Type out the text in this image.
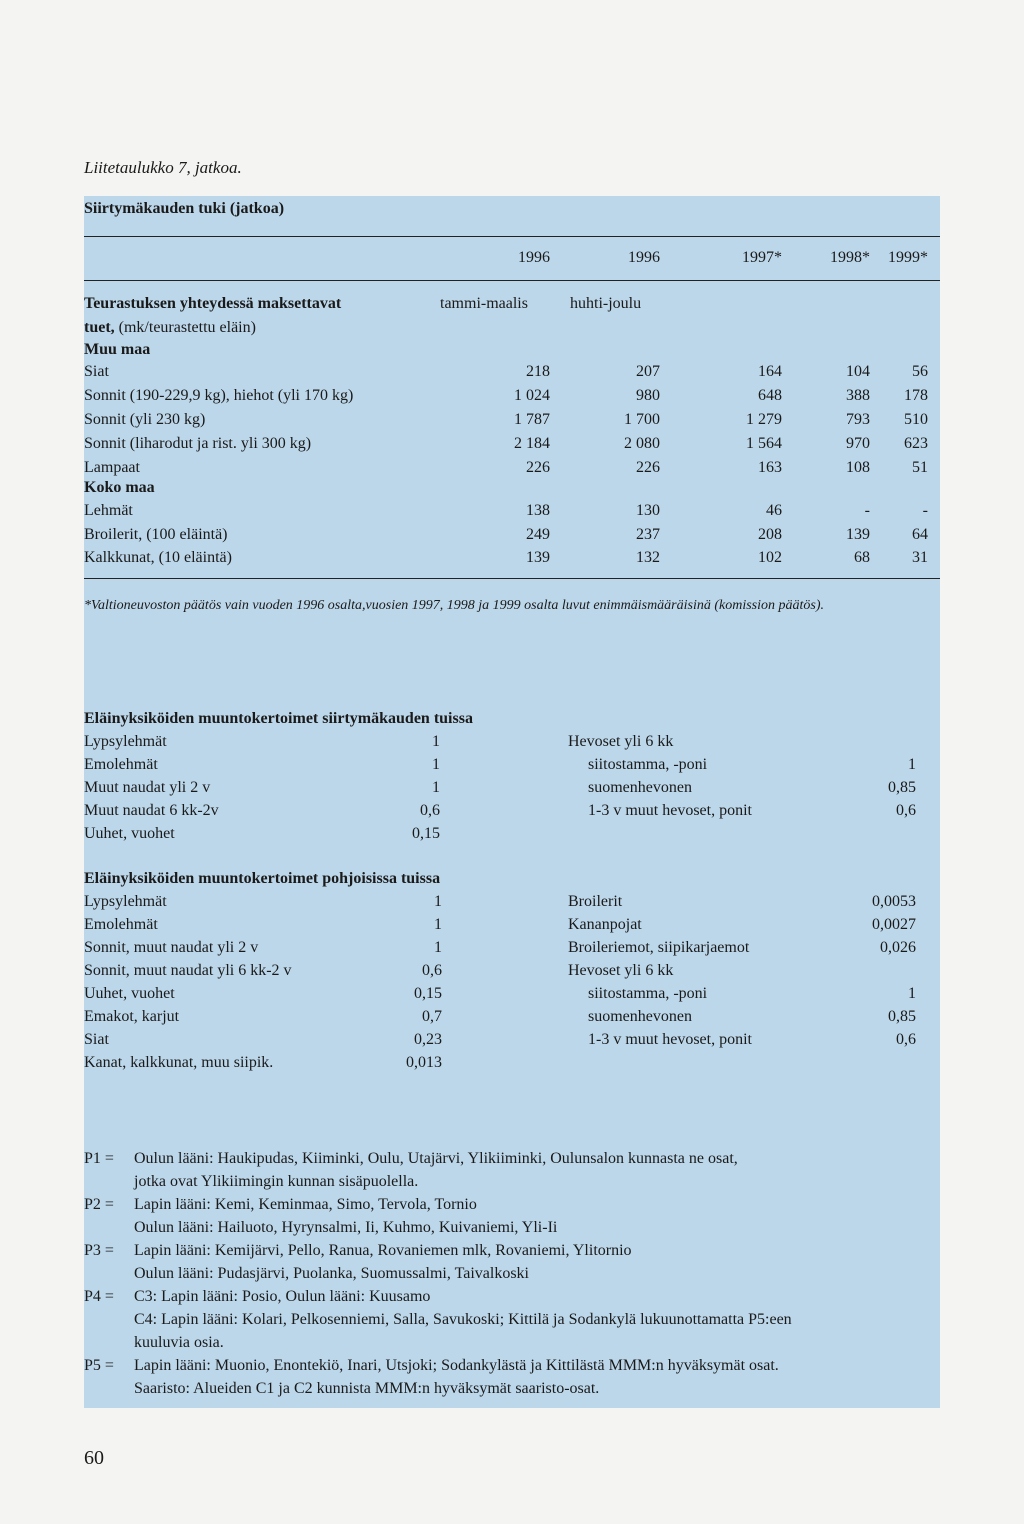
Liitetaulukko 7, jatkoa.
Siirtymäkauden tuki (jatkoa)
1996	1996	1997*	1998*	1999*
Teurastuksen yhteydessä maksettavat
tuet, (mk/teurastettu eläin)
tammi-maalis	huhti-joulu
Muu maa
Siat	218	207	164	104	56
Sonnit (190-229,9 kg), hiehot (yli 170 kg)	1 024	980	648	388	178
Sonnit (yli 230 kg)	1 787	1 700	1 279	793	510
Sonnit (liharodut ja rist. yli 300 kg)	2 184	2 080	1 564	970	623
Lampaat	226	226	163	108	51
Koko maa
Lehmät	138	130	46	-	-
Broilerit, (100 eläintä)	249	237	208	139	64
Kalkkunat, (10 eläintä)	139	132	102	68	31
*Valtioneuvoston päätös vain vuoden 1996 osalta,vuosien 1997, 1998 ja 1999 osalta luvut enimmäismääräisinä (komission päätös).
Eläinyksiköiden muuntokertoimet siirtymäkauden tuissa
Lypsylehmät	1
Emolehmät	1
Muut naudat yli 2 v	1
Muut naudat 6 kk-2v	0,6
Uuhet, vuohet	0,15
Hevoset yli 6 kk
siitostamma, -poni	1
suomenhevonen	0,85
1-3 v muut hevoset, ponit	0,6
Eläinyksiköiden muuntokertoimet pohjoisissa tuissa
Lypsylehmät	1
Emolehmät	1
Sonnit, muut naudat yli 2 v	1
Sonnit, muut naudat yli 6 kk-2 v	0,6
Uuhet, vuohet	0,15
Emakot, karjut	0,7
Siat	0,23
Kanat, kalkkunat, muu siipik.	0,013
Broilerit	0,0053
Kananpojat	0,0027
Broileriemot, siipikarjaemot	0,026
Hevoset yli 6 kk
siitostamma, -poni	1
suomenhevonen	0,85
1-3 v muut hevoset, ponit	0,6
P1 =	Oulun lääni: Haukipudas, Kiiminki, Oulu, Utajärvi, Ylikiiminki, Oulunsalon kunnasta ne osat,
jotka ovat Ylikiimingin kunnan sisäpuolella.
P2 =	Lapin lääni: Kemi, Keminmaa, Simo, Tervola, Tornio
Oulun lääni: Hailuoto, Hyrynsalmi, Ii, Kuhmo, Kuivaniemi, Yli-Ii
P3 =	Lapin lääni: Kemijärvi, Pello, Ranua, Rovaniemen mlk, Rovaniemi, Ylitornio
Oulun lääni: Pudasjärvi, Puolanka, Suomussalmi, Taivalkoski
P4 =	C3: Lapin lääni: Posio, Oulun lääni: Kuusamo
C4: Lapin lääni: Kolari, Pelkosenniemi, Salla, Savukoski; Kittilä ja Sodankylä lukuunottamatta P5:een
kuuluvia osia.
P5 =	Lapin lääni: Muonio, Enontekiö, Inari, Utsjoki; Sodankylästä ja Kittilästä MMM:n hyväksymät osat.
Saaristo: Alueiden C1 ja C2 kunnista MMM:n hyväksymät saaristo-osat.
60
